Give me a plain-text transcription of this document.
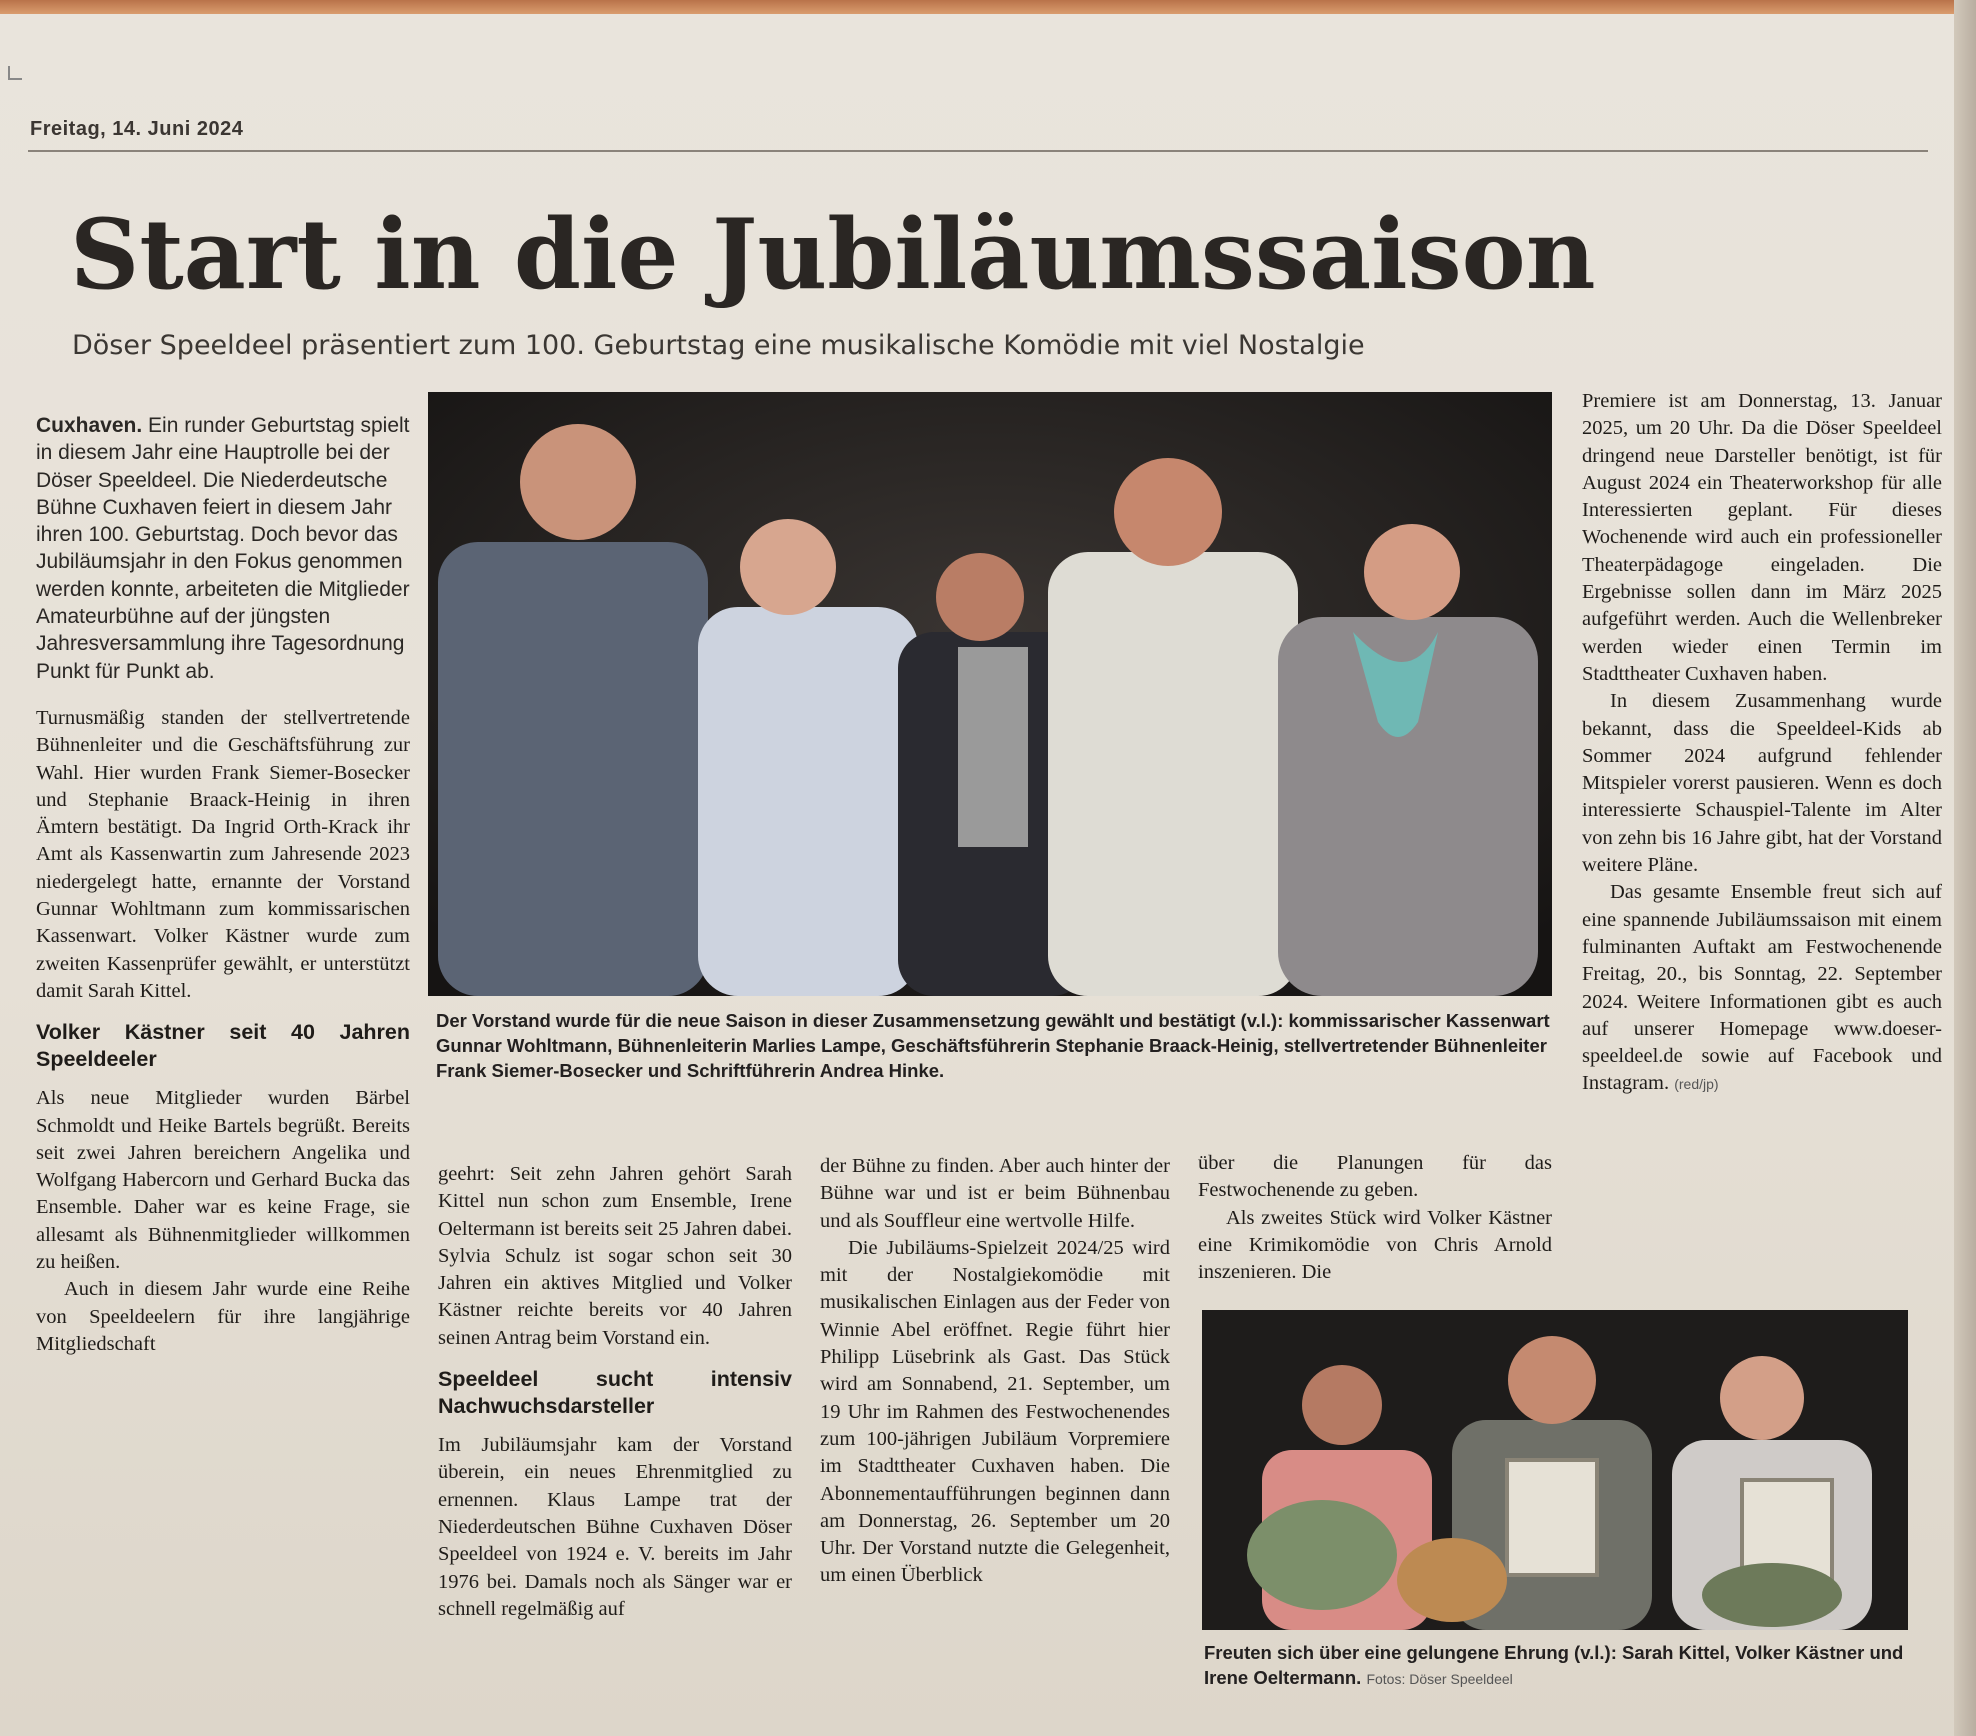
Freitag, 14. Juni 2024
Start in die Jubiläumssaison
Döser Speeldeel präsentiert zum 100. Geburtstag eine musikalische Komödie mit viel Nostalgie
Cuxhaven. Ein runder Geburtstag spielt in diesem Jahr eine Hauptrolle bei der Döser Speeldeel. Die Niederdeutsche Bühne Cuxhaven feiert in diesem Jahr ihren 100. Geburtstag. Doch bevor das Jubiläumsjahr in den Fokus genommen werden konnte, arbeiteten die Mitglieder Amateurbühne auf der jüngsten Jahresversammlung ihre Tagesordnung Punkt für Punkt ab.

Turnusmäßig standen der stellvertretende Bühnenleiter und die Geschäftsführung zur Wahl. Hier wurden Frank Siemer-Bosecker und Stephanie Braack-Heinig in ihren Ämtern bestätigt. Da Ingrid Orth-Krack ihr Amt als Kassenwartin zum Jahresende 2023 niedergelegt hatte, ernannte der Vorstand Gunnar Wohltmann zum kommissarischen Kassenwart. Volker Kästner wurde zum zweiten Kassenprüfer gewählt, er unterstützt damit Sarah Kittel.

Volker Kästner seit 40 Jahren Speeldeeler

Als neue Mitglieder wurden Bärbel Schmoldt und Heike Bartels begrüßt. Bereits seit zwei Jahren bereichern Angelika und Wolfgang Habercorn und Gerhard Bucka das Ensemble. Daher war es keine Frage, sie allesamt als Bühnenmitglieder willkommen zu heißen.

Auch in diesem Jahr wurde eine Reihe von Speeldeelern für ihre langjährige Mitgliedschaft

Der Vorstand wurde für die neue Saison in dieser Zusammensetzung gewählt und bestätigt (v.l.): kommissarischer Kassenwart Gunnar Wohltmann, Bühnenleiterin Marlies Lampe, Geschäftsführerin Stephanie Braack-Heinig, stellvertretender Bühnenleiter Frank Siemer-Bosecker und Schriftführerin Andrea Hinke.

geehrt: Seit zehn Jahren gehört Sarah Kittel nun schon zum Ensemble, Irene Oeltermann ist bereits seit 25 Jahren dabei. Sylvia Schulz ist sogar schon seit 30 Jahren ein aktives Mitglied und Volker Kästner reichte bereits vor 40 Jahren seinen Antrag beim Vorstand ein.

Speeldeel sucht intensiv Nachwuchsdarsteller

Im Jubiläumsjahr kam der Vorstand überein, ein neues Ehrenmitglied zu ernennen. Klaus Lampe trat der Niederdeutschen Bühne Cuxhaven Döser Speeldeel von 1924 e. V. bereits im Jahr 1976 bei. Damals noch als Sänger war er schnell regelmäßig auf

der Bühne zu finden. Aber auch hinter der Bühne war und ist er beim Bühnenbau und als Souffleur eine wertvolle Hilfe.

Die Jubiläums-Spielzeit 2024/25 wird mit der Nostalgiekomödie mit musikalischen Einlagen aus der Feder von Winnie Abel eröffnet. Regie führt hier Philipp Lüsebrink als Gast. Das Stück wird am Sonnabend, 21. September, um 19 Uhr im Rahmen des Festwochenendes zum 100-jährigen Jubiläum Vorpremiere im Stadttheater Cuxhaven haben. Die Abonnementaufführungen beginnen dann am Donnerstag, 26. September um 20 Uhr. Der Vorstand nutzte die Gelegenheit, um einen Überblick

über die Planungen für das Festwochenende zu geben.

Als zweites Stück wird Volker Kästner eine Krimikomödie von Chris Arnold inszenieren. Die

Freuten sich über eine gelungene Ehrung (v.l.): Sarah Kittel, Volker Kästner und Irene Oeltermann. Fotos: Döser Speeldeel

Premiere ist am Donnerstag, 13. Januar 2025, um 20 Uhr. Da die Döser Speeldeel dringend neue Darsteller benötigt, ist für August 2024 ein Theaterworkshop für alle Interessierten geplant. Für dieses Wochenende wird auch ein professioneller Theaterpädagoge eingeladen. Die Ergebnisse sollen dann im März 2025 aufgeführt werden. Auch die Wellenbreker werden wieder einen Termin im Stadttheater Cuxhaven haben.

In diesem Zusammenhang wurde bekannt, dass die Speeldeel-Kids ab Sommer 2024 aufgrund fehlender Mitspieler vorerst pausieren. Wenn es doch interessierte Schauspiel-Talente im Alter von zehn bis 16 Jahre gibt, hat der Vorstand weitere Pläne.

Das gesamte Ensemble freut sich auf eine spannende Jubiläumssaison mit einem fulminanten Auftakt am Festwochenende Freitag, 20., bis Sonntag, 22. September 2024. Weitere Informationen gibt es auch auf unserer Homepage www.doeser-speeldeel.de sowie auf Facebook und Instagram. (red/jp)
